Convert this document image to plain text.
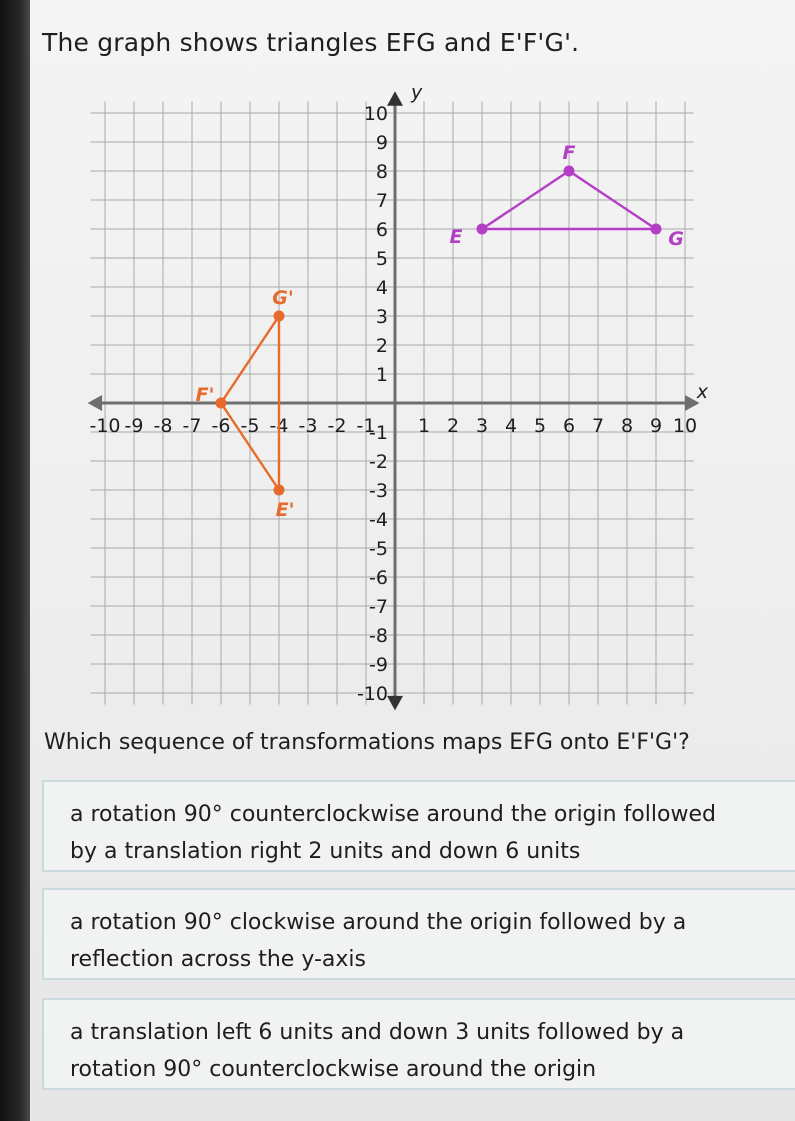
The graph shows triangles EFG and E'F'G'.
x
y
-10 -9 -8 -7 -6 -5 -4 -3 -2 -1 1 2 3 4 5 6 7 8 9 10
10
9
8
7
6
5
4
3
2
1
-1
-2
-3
-4
-5
-6
-7
-8
-9
-10
E
F
G
E'
F'
G'
Which sequence of transformations maps EFG onto E'F'G'?
a rotation 90° counterclockwise around the origin followed
by a translation right 2 units and down 6 units
a rotation 90° clockwise around the origin followed by a
reflection across the y-axis
a translation left 6 units and down 3 units followed by a
rotation 90° counterclockwise around the origin
